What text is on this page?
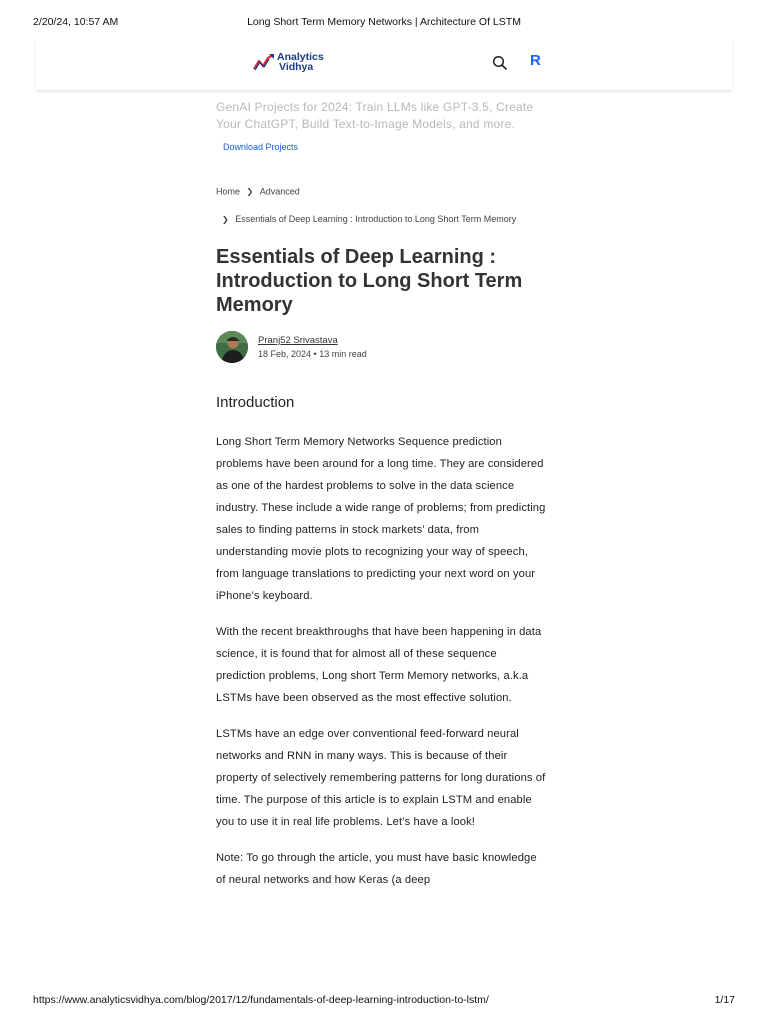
2/20/24, 10:57 AM	Long Short Term Memory Networks | Architecture Of LSTM
Analytics
Vidhya	R
GenAI Projects for 2024: Train LLMs like GPT-3.5, Create Your ChatGPT, Build Text-to-Image Models, and more.
Download Projects
Home ❯ Advanced
❯ Essentials of Deep Learning : Introduction to Long Short Term Memory
Essentials of Deep Learning : Introduction to Long Short Term Memory
Pranj52 Srivastava
18 Feb, 2024 • 13 min read
Introduction

Long Short Term Memory Networks Sequence prediction problems have been around for a long time. They are considered as one of the hardest problems to solve in the data science industry. These include a wide range of problems; from predicting sales to finding patterns in stock markets’ data, from understanding movie plots to recognizing your way of speech, from language translations to predicting your next word on your iPhone’s keyboard.

With the recent breakthroughs that have been happening in data science, it is found that for almost all of these sequence prediction problems, Long short Term Memory networks, a.k.a LSTMs have been observed as the most effective solution.

LSTMs have an edge over conventional feed-forward neural networks and RNN in many ways. This is because of their property of selectively remembering patterns for long durations of time. The purpose of this article is to explain LSTM and enable you to use it in real life problems. Let’s have a look!

Note: To go through the article, you must have basic knowledge of neural networks and how Keras (a deep

https://www.analyticsvidhya.com/blog/2017/12/fundamentals-of-deep-learning-introduction-to-lstm/	1/17
